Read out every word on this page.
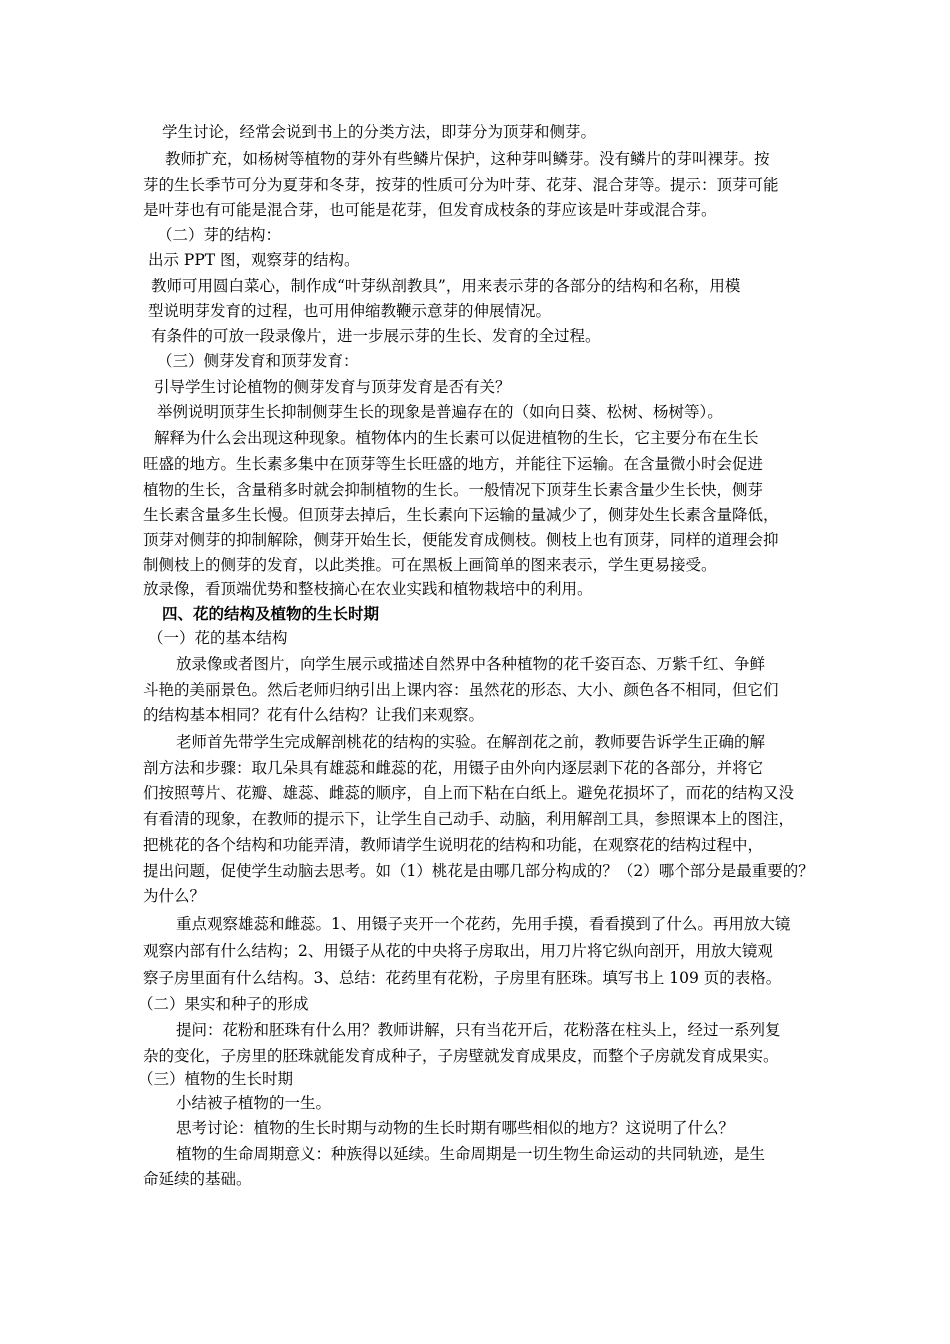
学生讨论，经常会说到书上的分类方法，即芽分为顶芽和侧芽。
教师扩充，如杨树等植物的芽外有些鳞片保护，这种芽叫鳞芽。没有鳞片的芽叫裸芽。按
芽的生长季节可分为夏芽和冬芽，按芽的性质可分为叶芽、花芽、混合芽等。提示：顶芽可能
是叶芽也有可能是混合芽，也可能是花芽，但发育成枝条的芽应该是叶芽或混合芽。
（二）芽的结构：
出示 PPT 图，观察芽的结构。
教师可用圆白菜心，制作成“叶芽纵剖教具”，用来表示芽的各部分的结构和名称，用模
型说明芽发育的过程，也可用伸缩教鞭示意芽的伸展情况。
有条件的可放一段录像片，进一步展示芽的生长、发育的全过程。
（三）侧芽发育和顶芽发育：
引导学生讨论植物的侧芽发育与顶芽发育是否有关？
举例说明顶芽生长抑制侧芽生长的现象是普遍存在的（如向日葵、松树、杨树等）。
解释为什么会出现这种现象。植物体内的生长素可以促进植物的生长，它主要分布在生长
旺盛的地方。生长素多集中在顶芽等生长旺盛的地方，并能往下运输。在含量微小时会促进
植物的生长，含量稍多时就会抑制植物的生长。一般情况下顶芽生长素含量少生长快，侧芽
生长素含量多生长慢。但顶芽去掉后，生长素向下运输的量减少了，侧芽处生长素含量降低，
顶芽对侧芽的抑制解除，侧芽开始生长，便能发育成侧枝。侧枝上也有顶芽，同样的道理会抑
制侧枝上的侧芽的发育，以此类推。可在黑板上画简单的图来表示，学生更易接受。
放录像，看顶端优势和整枝摘心在农业实践和植物栽培中的利用。
四、花的结构及植物的生长时期
（一）花的基本结构
放录像或者图片，向学生展示或描述自然界中各种植物的花千姿百态、万紫千红、争鲜
斗艳的美丽景色。然后老师归纳引出上课内容：虽然花的形态、大小、颜色各不相同，但它们
的结构基本相同？花有什么结构？让我们来观察。
老师首先带学生完成解剖桃花的结构的实验。在解剖花之前，教师要告诉学生正确的解
剖方法和步骤：取几朵具有雄蕊和雌蕊的花，用镊子由外向内逐层剥下花的各部分，并将它
们按照萼片、花瓣、雄蕊、雌蕊的顺序，自上而下粘在白纸上。避免花损坏了，而花的结构又没
有看清的现象，在教师的提示下，让学生自己动手、动脑，利用解剖工具，参照课本上的图注，
把桃花的各个结构和功能弄清，教师请学生说明花的结构和功能，在观察花的结构过程中，
提出问题，促使学生动脑去思考。如（1）桃花是由哪几部分构成的？（2）哪个部分是最重要的？
为什么？
重点观察雄蕊和雌蕊。1、用镊子夹开一个花药，先用手摸，看看摸到了什么。再用放大镜
观察内部有什么结构；2、用镊子从花的中央将子房取出，用刀片将它纵向剖开，用放大镜观
察子房里面有什么结构。3、总结：花药里有花粉，子房里有胚珠。填写书上 109 页的表格。
（二）果实和种子的形成
提问：花粉和胚珠有什么用？教师讲解，只有当花开后，花粉落在柱头上，经过一系列复
杂的变化，子房里的胚珠就能发育成种子，子房壁就发育成果皮，而整个子房就发育成果实。
（三）植物的生长时期
小结被子植物的一生。
思考讨论：植物的生长时期与动物的生长时期有哪些相似的地方？这说明了什么？
植物的生命周期意义：种族得以延续。生命周期是一切生物生命运动的共同轨迹，是生
命延续的基础。
